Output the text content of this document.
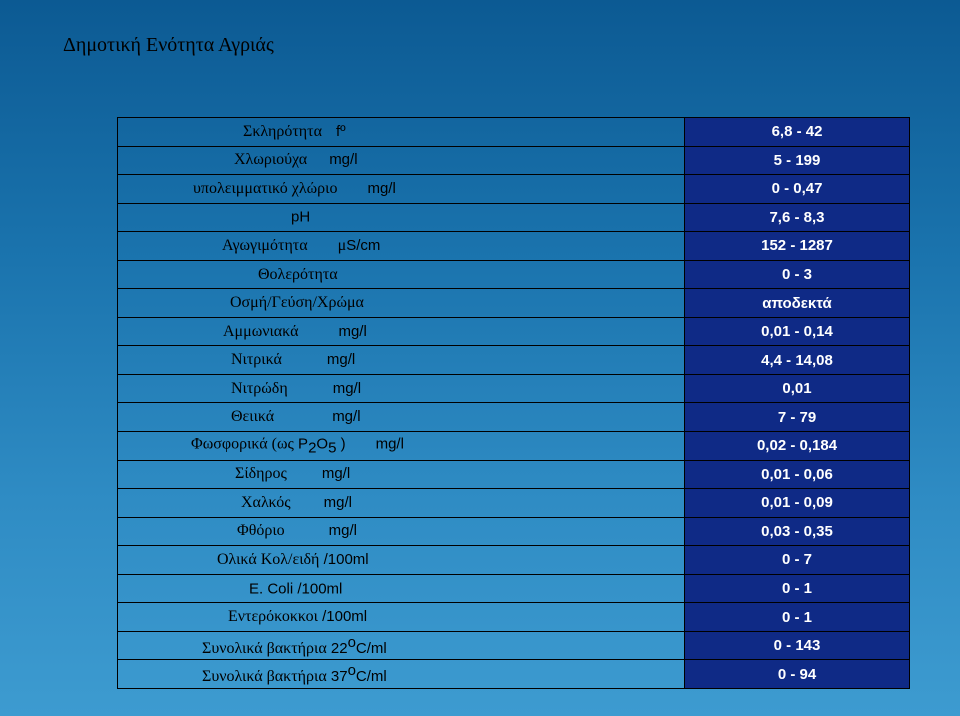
Δημοτική Ενότητα Αγριάς
Σκληρότητα fº	6,8 - 42

Χλωριούχα mg/l	5 - 199

υπολειμματικό χλώριο mg/l	0 - 0,47

pH	7,6 - 8,3

Αγωγιμότητα μS/cm	152 - 1287

Θολερότητα	0 - 3

Οσμή/Γεύση/Χρώμα	αποδεκτά

Αμμωνιακά mg/l	0,01 - 0,14

Νιτρικά mg/l	4,4 - 14,08

Νιτρώδη mg/l	0,01

Θειικά mg/l	7 - 79

Φωσφορικά (ως $P_2O_5$ ) mg/l	0,02 - 0,184

Σίδηρος mg/l	0,01 - 0,06

Χαλκός mg/l	0,01 - 0,09

Φθόριο mg/l	0,03 - 0,35

Ολικά Κολ/ειδή /100ml	0 - 7

E. Coli /100ml	0 - 1

Εντερόκοκκοι /100ml	0 - 1

Συνολικά βακτήρια 22$^o$C/ml	0 - 143

Συνολικά βακτήρια 37$^o$C/ml	0 - 94
